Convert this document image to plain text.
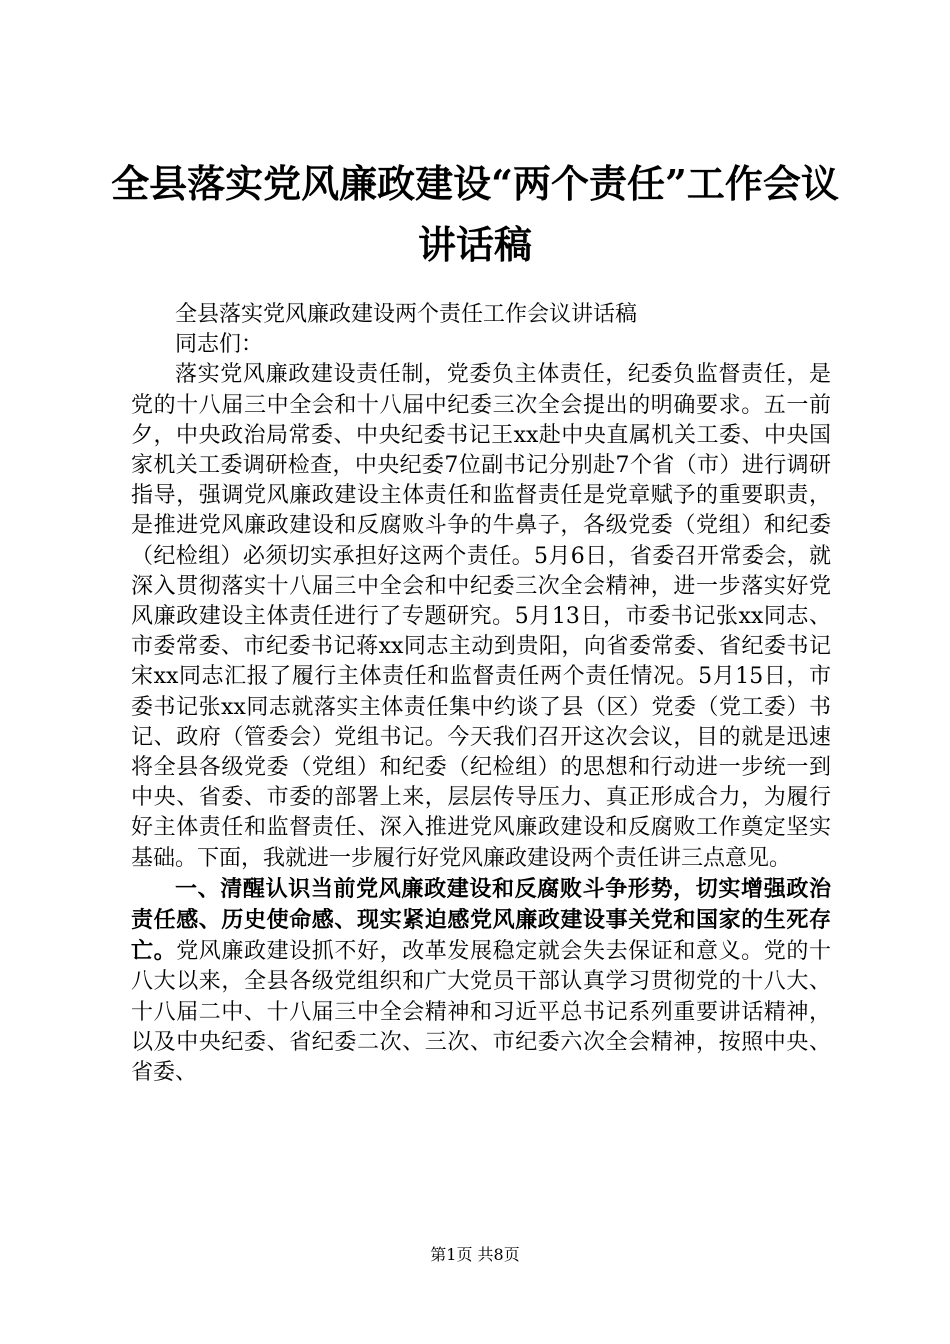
全县落实党风廉政建设“两个责任”工作会议
讲话稿

全县落实党风廉政建设两个责任工作会议讲话稿

同志们：

落实党风廉政建设责任制，党委负主体责任，纪委负监督责任，是党的十八届三中全会和十八届中纪委三次全会提出的明确要求。五一前夕，中央政治局常委、中央纪委书记王xx赴中央直属机关工委、中央国家机关工委调研检查，中央纪委7位副书记分别赴7个省（市）进行调研指导，强调党风廉政建设主体责任和监督责任是党章赋予的重要职责，是推进党风廉政建设和反腐败斗争的牛鼻子，各级党委（党组）和纪委（纪检组）必须切实承担好这两个责任。5月6日，省委召开常委会，就深入贯彻落实十八届三中全会和中纪委三次全会精神，进一步落实好党风廉政建设主体责任进行了专题研究。5月13日，市委书记张xx同志、市委常委、市纪委书记蒋xx同志主动到贵阳，向省委常委、省纪委书记宋xx同志汇报了履行主体责任和监督责任两个责任情况。5月15日，市委书记张xx同志就落实主体责任集中约谈了县（区）党委（党工委）书记、政府（管委会）党组书记。今天我们召开这次会议，目的就是迅速将全县各级党委（党组）和纪委（纪检组）的思想和行动进一步统一到中央、省委、市委的部署上来，层层传导压力、真正形成合力，为履行好主体责任和监督责任、深入推进党风廉政建设和反腐败工作奠定坚实基础。下面，我就进一步履行好党风廉政建设两个责任讲三点意见。

一、清醒认识当前党风廉政建设和反腐败斗争形势，切实增强政治责任感、历史使命感、现实紧迫感党风廉政建设事关党和国家的生死存亡。党风廉政建设抓不好，改革发展稳定就会失去保证和意义。党的十八大以来，全县各级党组织和广大党员干部认真学习贯彻党的十八大、十八届二中、十八届三中全会精神和习近平总书记系列重要讲话精神，以及中央纪委、省纪委二次、三次、市纪委六次全会精神，按照中央、省委、

第1页 共8页
